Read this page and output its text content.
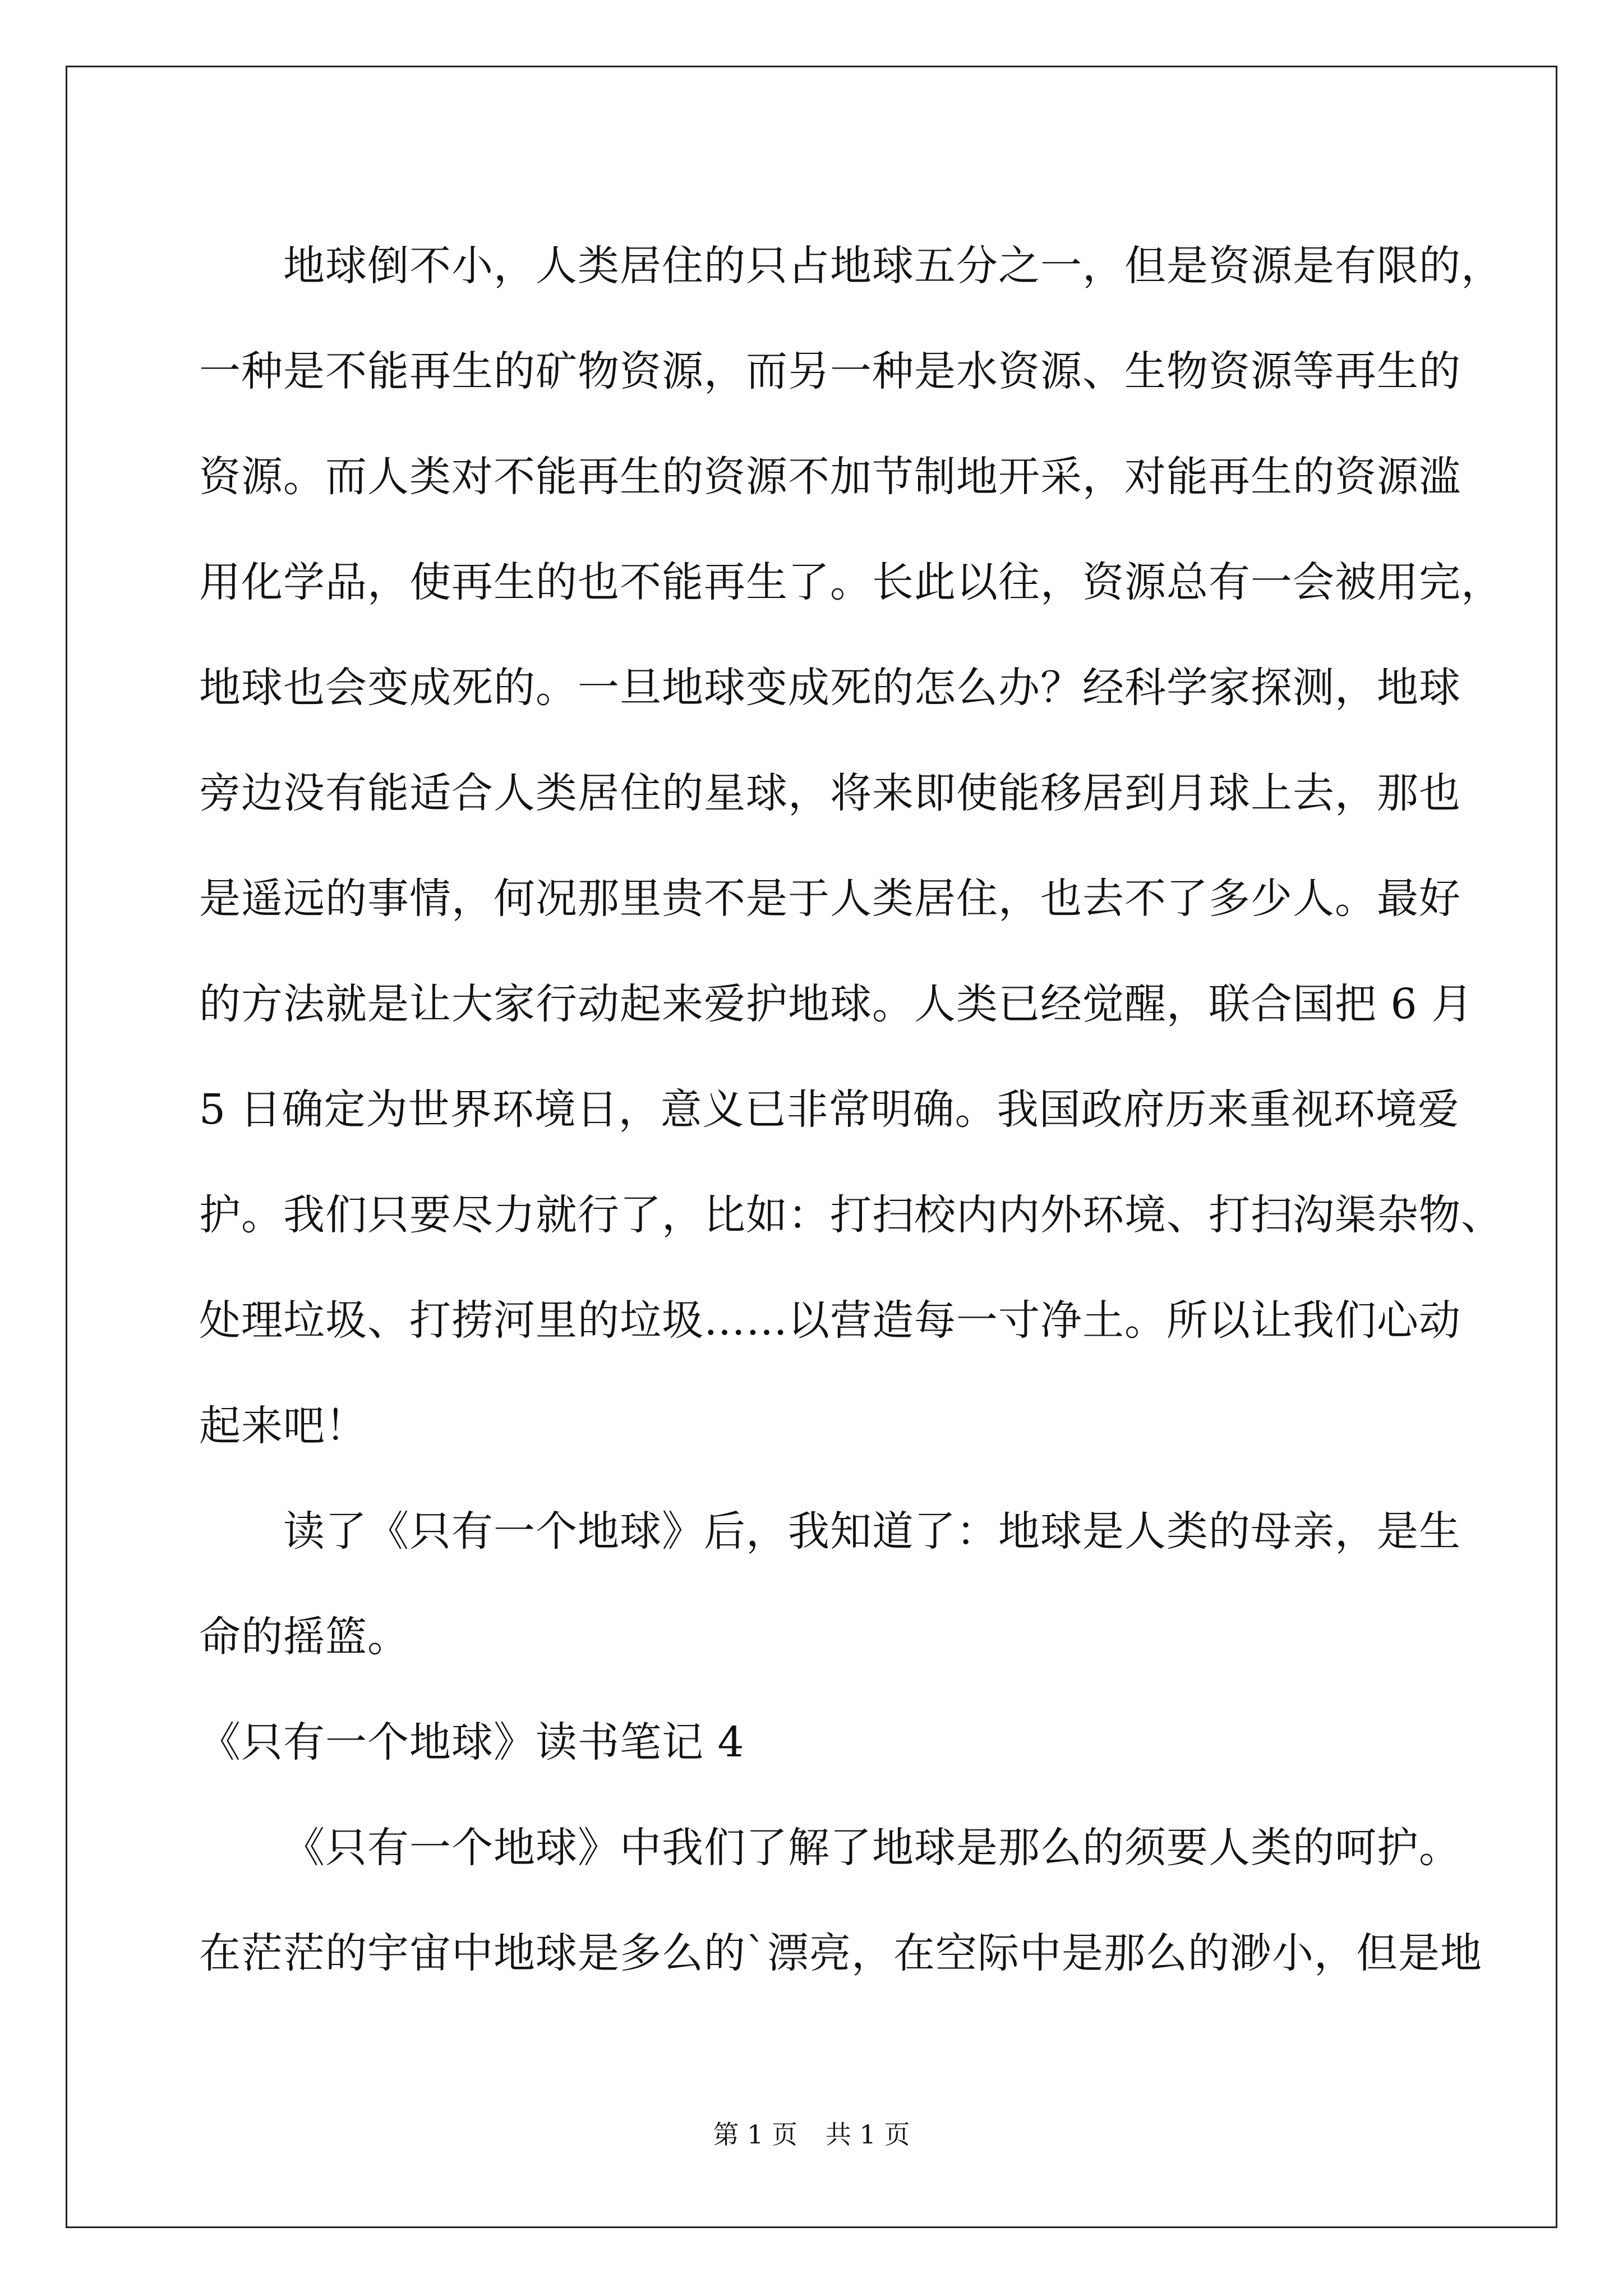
地球倒不小，人类居住的只占地球五分之一，但是资源是有限的，
一种是不能再生的矿物资源，而另一种是水资源、生物资源等再生的
资源。而人类对不能再生的资源不加节制地开采，对能再生的资源滥
用化学品，使再生的也不能再生了。长此以往，资源总有一会被用完，
地球也会变成死的。一旦地球变成死的怎么办？经科学家探测，地球
旁边没有能适合人类居住的星球，将来即使能移居到月球上去，那也
是遥远的事情，何况那里贵不是于人类居住，也去不了多少人。最好
的方法就是让大家行动起来爱护地球。人类已经觉醒，联合国把 6 月
5 日确定为世界环境日，意义已非常明确。我国政府历来重视环境爱
护。我们只要尽力就行了，比如：打扫校内内外环境、打扫沟渠杂物、
处理垃圾、打捞河里的垃圾……以营造每一寸净土。所以让我们心动
起来吧！
读了《只有一个地球》后，我知道了：地球是人类的母亲，是生
命的摇篮。
《只有一个地球》读书笔记 4
《只有一个地球》中我们了解了地球是那么的须要人类的呵护。
在茫茫的宇宙中地球是多么的`漂亮，在空际中是那么的渺小，但是地
第 1 页 共 1 页
